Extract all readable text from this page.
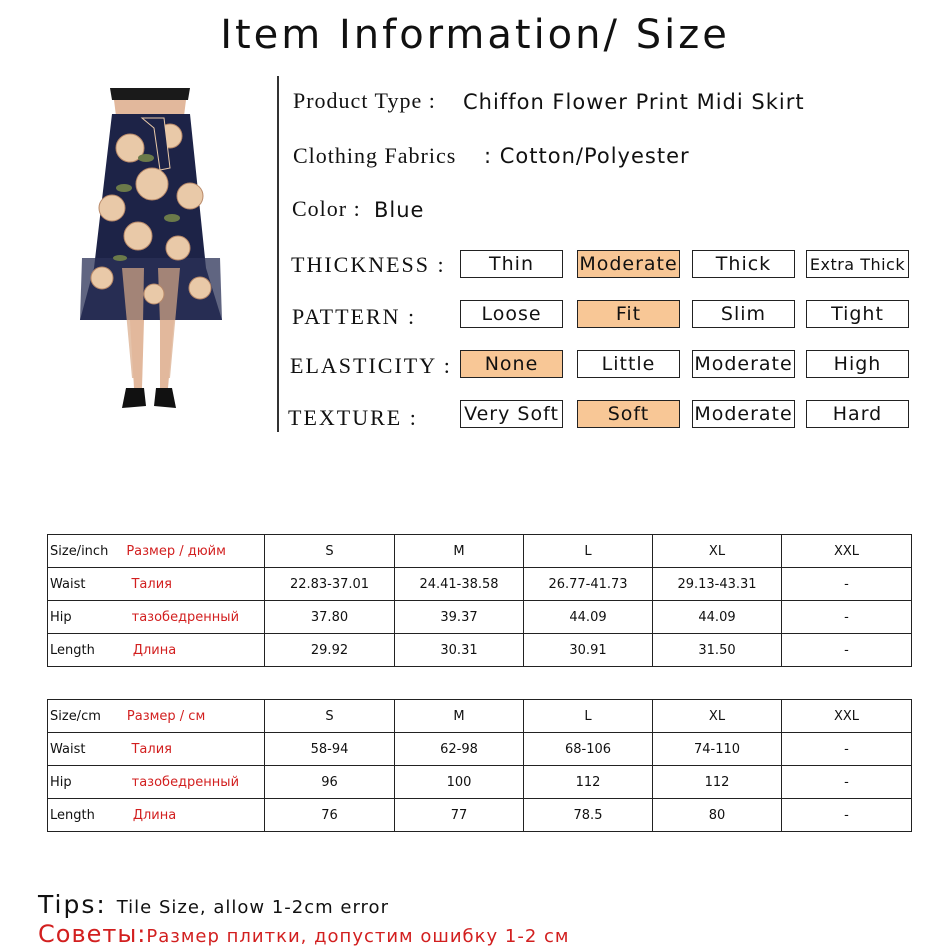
Item Information/ Size
Product Type : Chiffon Flower Print Midi Skirt
Clothing Fabrics : Cotton/Polyester
Color : Blue
THICKNESS :	Thin	Moderate	Thick	Extra Thick
PATTERN :	Loose	Fit	Slim	Tight
ELASTICITY :	None	Little	Moderate	High
TEXTURE : Very Soft	Soft	Moderate	Hard
Size/inch Размер / дюйм	S	M	L	XL	XXL
Waist Талия	22.83-37.01	24.41-38.58	26.77-41.73	29.13-43.31	-
Hip тазобедренный	37.80	39.37	44.09	44.09	-
Length Длина	29.92	30.31	30.91	31.50	-
Size/cm Размер / см	S	M	L	XL	XXL
Waist Талия	58-94	62-98	68-106	74-110	-
Hip тазобедренный	96	100	112	112	-
Length Длина	76	77	78.5	80	-
Tips: Tile Size, allow 1-2cm error
Советы:Размер плитки, допустим ошибку 1-2 см
